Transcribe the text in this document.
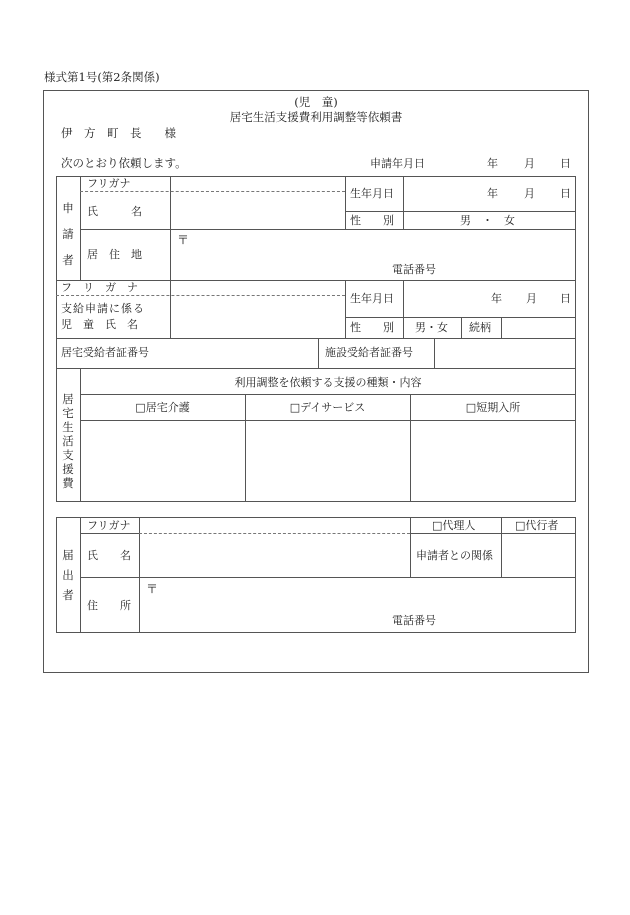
様式第1号(第2条関係)
(児　童)
居宅生活支援費利用調整等依頼書
伊　方　町　長　　様
次のとおり依頼します。	申請年月日	年 月 日
申
請
者
フリガナ
氏　　　名
生年月日	年 月 日
性　　別	男　・　女
居　住　地
〒
電話番号
フ　リ　ガ　ナ
支給申請に係る
児　童　氏　名
生年月日	年 月 日
性　　別 男・女 続柄
居宅受給者証番号	施設受給者証番号
居
宅
生
活
支
援
費
利用調整を依頼する支援の種類・内容
□居宅介護	□デイサービス	□短期入所
届
出
者
フリガナ	□代理人	□代行者
氏　　名	申請者との関係
住　　所
〒
電話番号
